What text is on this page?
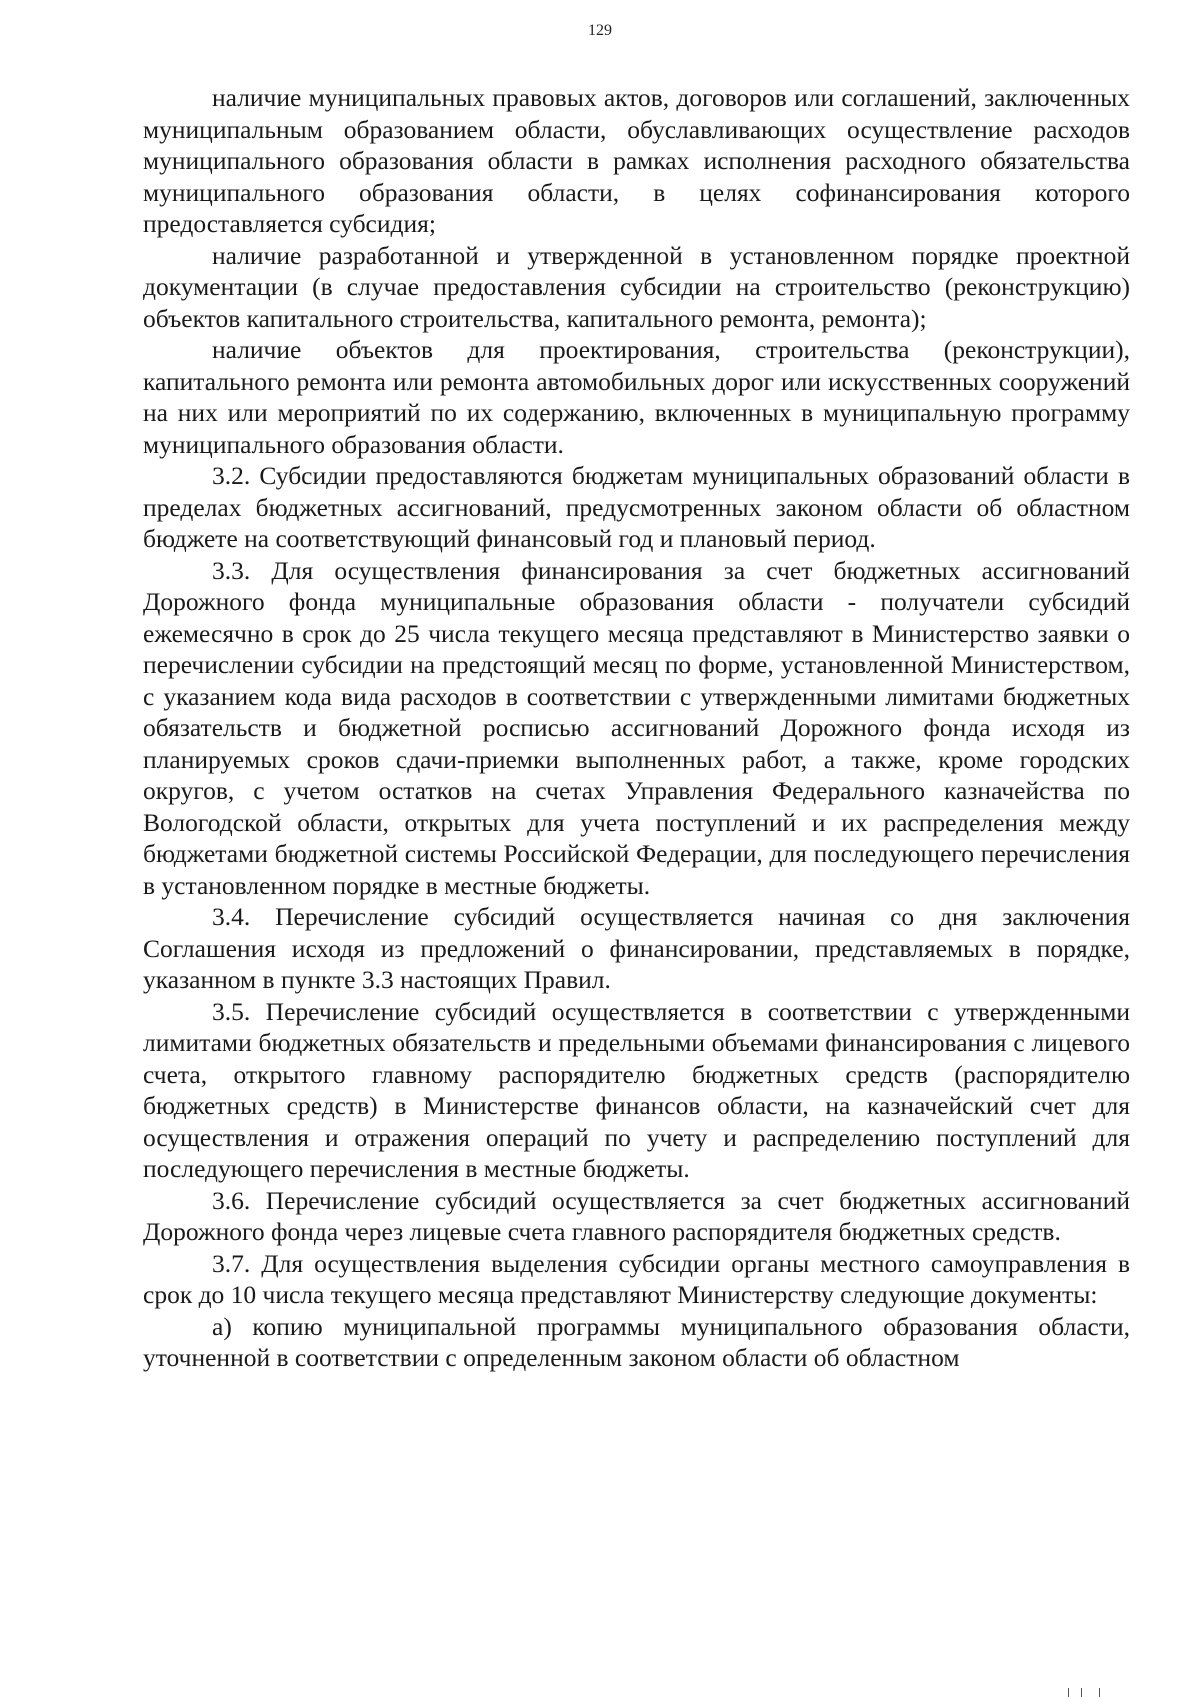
129

наличие муниципальных правовых актов, договоров или соглашений, заключенных муниципальным образованием области, обуславливающих осуществление расходов муниципального образования области в рамках исполнения расходного обязательства муниципального образования области, в целях софинансирования которого предоставляется субсидия;

наличие разработанной и утвержденной в установленном порядке проектной документации (в случае предоставления субсидии на строительство (реконструкцию) объектов капитального строительства, капитального ремонта, ремонта);

наличие объектов для проектирования, строительства (реконструкции), капитального ремонта или ремонта автомобильных дорог или искусственных сооружений на них или мероприятий по их содержанию, включенных в муниципальную программу муниципального образования области.

3.2. Субсидии предоставляются бюджетам муниципальных образований области в пределах бюджетных ассигнований, предусмотренных законом области об областном бюджете на соответствующий финансовый год и плановый период.

3.3. Для осуществления финансирования за счет бюджетных ассигнований Дорожного фонда муниципальные образования области - получатели субсидий ежемесячно в срок до 25 числа текущего месяца представляют в Министерство заявки о перечислении субсидии на предстоящий месяц по форме, установленной Министерством, с указанием кода вида расходов в соответствии с утвержденными лимитами бюджетных обязательств и бюджетной росписью ассигнований Дорожного фонда исходя из планируемых сроков сдачи-приемки выполненных работ, а также, кроме городских округов, с учетом остатков на счетах Управления Федерального казначейства по Вологодской области, открытых для учета поступлений и их распределения между бюджетами бюджетной системы Российской Федерации, для последующего перечисления в установленном порядке в местные бюджеты.

3.4. Перечисление субсидий осуществляется начиная со дня заключения Соглашения исходя из предложений о финансировании, представляемых в порядке, указанном в пункте 3.3 настоящих Правил.

3.5. Перечисление субсидий осуществляется в соответствии с утвержденными лимитами бюджетных обязательств и предельными объемами финансирования с лицевого счета, открытого главному распорядителю бюджетных средств (распорядителю бюджетных средств) в Министерстве финансов области, на казначейский счет для осуществления и отражения операций по учету и распределению поступлений для последующего перечисления в местные бюджеты.

3.6. Перечисление субсидий осуществляется за счет бюджетных ассигнований Дорожного фонда через лицевые счета главного распорядителя бюджетных средств.

3.7. Для осуществления выделения субсидии органы местного самоуправления в срок до 10 числа текущего месяца представляют Министерству следующие документы:

а) копию муниципальной программы муниципального образования области, уточненной в соответствии с определенным законом области об областном
